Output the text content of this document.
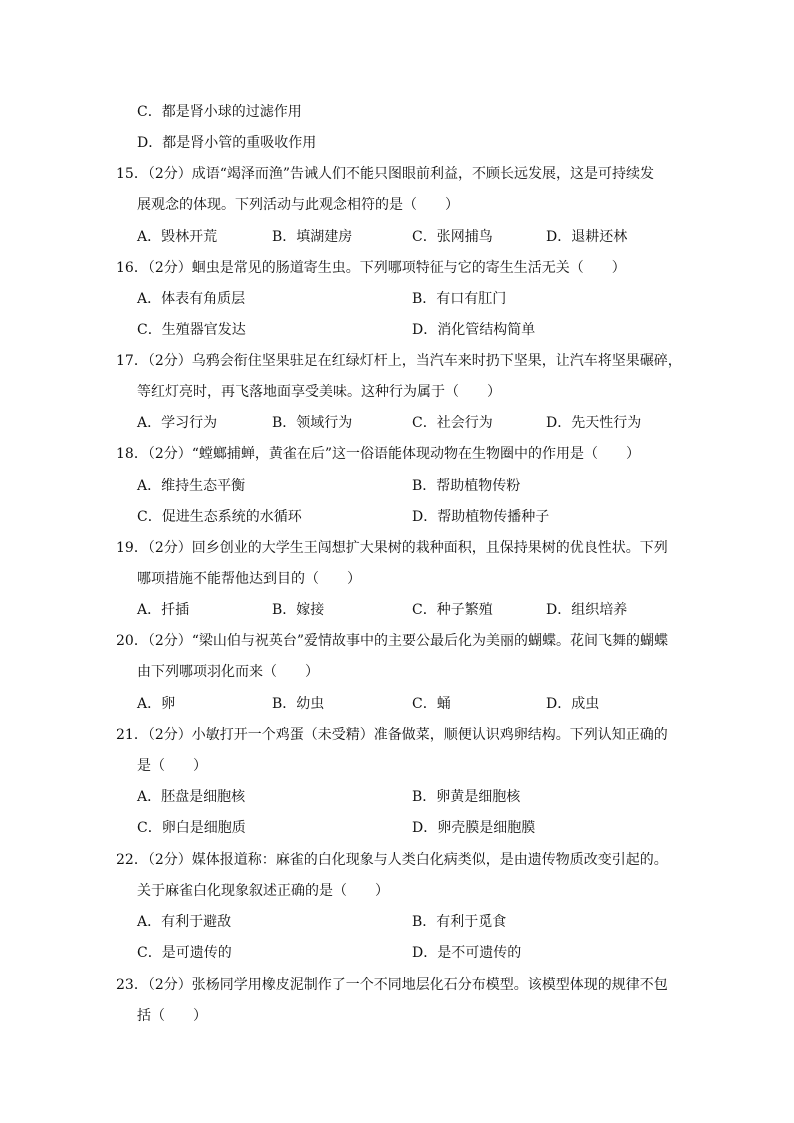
C．都是肾小球的过滤作用
D．都是肾小管的重吸收作用
15．（2分）成语“竭泽而渔”告诫人们不能只图眼前利益，不顾长远发展，这是可持续发
展观念的体现。下列活动与此观念相符的是（　　）
A．毁林开荒	B．填湖建房	C．张网捕鸟	D．退耕还林
16．（2分）蛔虫是常见的肠道寄生虫。下列哪项特征与它的寄生生活无关（　　）
A．体表有角质层	B．有口有肛门
C．生殖器官发达	D．消化管结构简单
17．（2分）乌鸦会衔住坚果驻足在红绿灯杆上，当汽车来时扔下坚果，让汽车将坚果碾碎，
等红灯亮时，再飞落地面享受美味。这种行为属于（　　）
A．学习行为	B．领域行为	C．社会行为	D．先天性行为
18．（2分）“螳螂捕蝉，黄雀在后”这一俗语能体现动物在生物圈中的作用是（　　）
A．维持生态平衡	B．帮助植物传粉
C．促进生态系统的水循环	D．帮助植物传播种子
19．（2分）回乡创业的大学生王闯想扩大果树的栽种面积，且保持果树的优良性状。下列
哪项措施不能帮他达到目的（　　）
A．扦插	B．嫁接	C．种子繁殖	D．组织培养
20．（2分）“梁山伯与祝英台”爱情故事中的主要公最后化为美丽的蝴蝶。花间飞舞的蝴蝶
由下列哪项羽化而来（　　）
A．卵	B．幼虫	C．蛹	D．成虫
21．（2分）小敏打开一个鸡蛋（未受精）准备做菜，顺便认识鸡卵结构。下列认知正确的
是（　　）
A．胚盘是细胞核	B．卵黄是细胞核
C．卵白是细胞质	D．卵壳膜是细胞膜
22．（2分）媒体报道称：麻雀的白化现象与人类白化病类似，是由遗传物质改变引起的。
关于麻雀白化现象叙述正确的是（　　）
A．有利于避敌	B．有利于觅食
C．是可遗传的	D．是不可遗传的
23．（2分）张杨同学用橡皮泥制作了一个不同地层化石分布模型。该模型体现的规律不包
括（　　）
